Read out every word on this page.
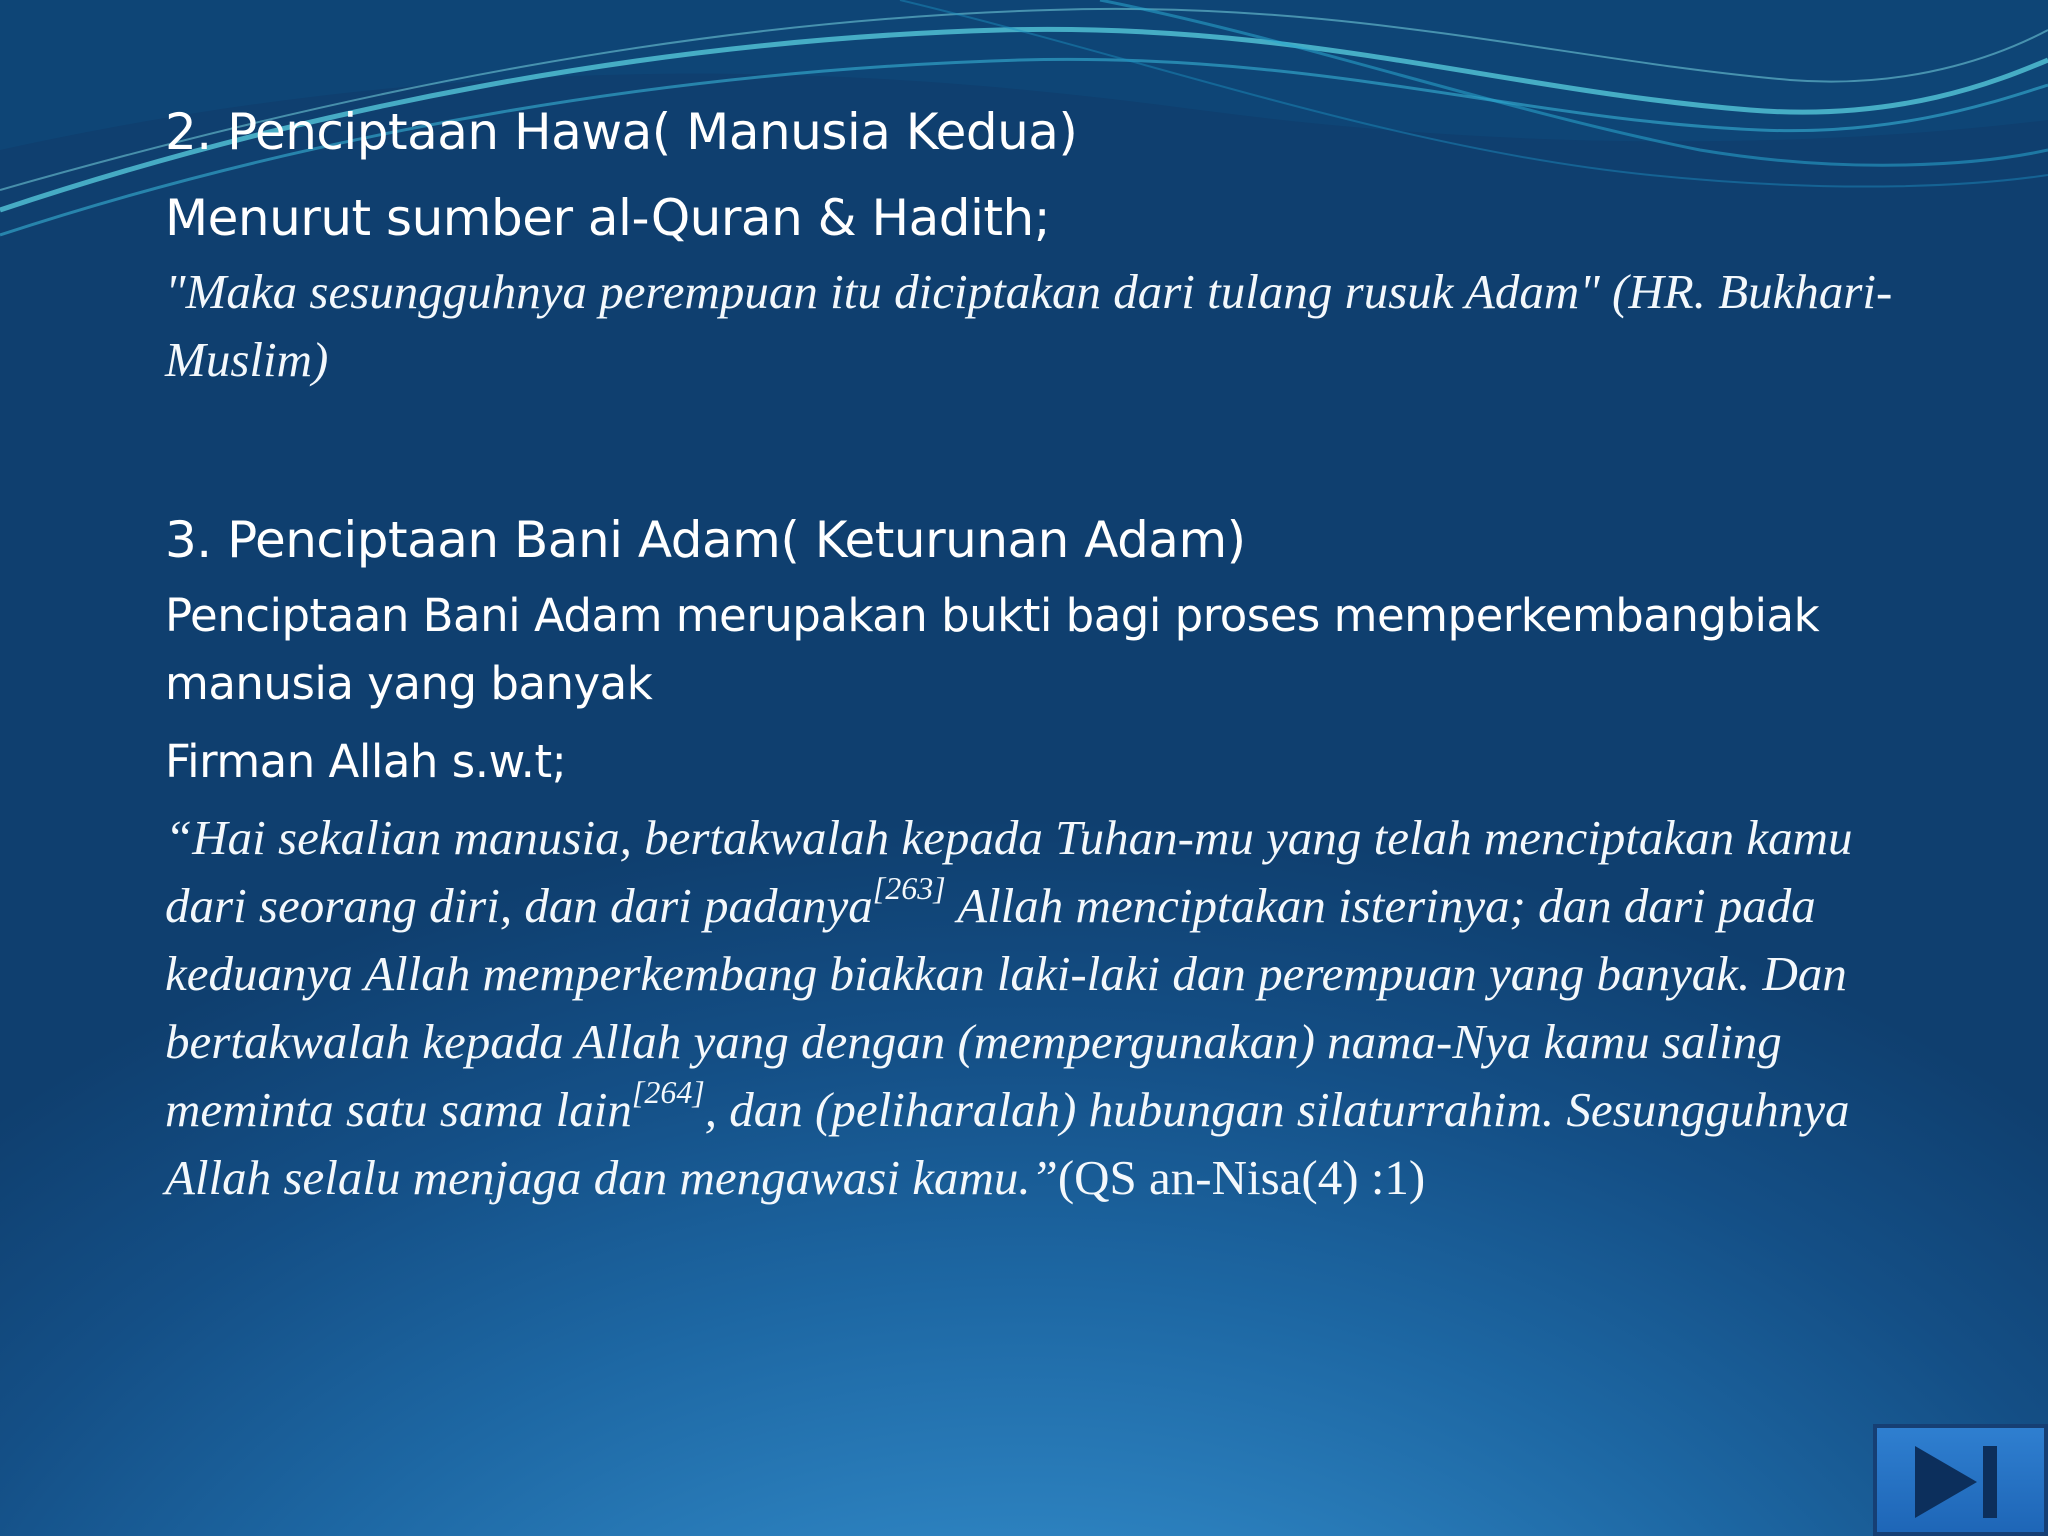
2. Penciptaan Hawa( Manusia Kedua)

Menurut sumber al-Quran & Hadith;

"Maka sesungguhnya perempuan itu diciptakan dari tulang rusuk Adam" (HR. Bukhari-Muslim)

3. Penciptaan Bani Adam( Keturunan Adam)

Penciptaan Bani Adam merupakan bukti bagi proses memperkembangbiak manusia yang banyak

Firman Allah s.w.t;

“Hai sekalian manusia, bertakwalah kepada Tuhan-mu yang telah menciptakan kamu dari seorang diri, dan dari padanya[263] Allah menciptakan isterinya; dan dari pada keduanya Allah memperkembang biakkan laki-laki dan perempuan yang banyak. Dan bertakwalah kepada Allah yang dengan (mempergunakan) nama-Nya kamu saling meminta satu sama lain[264], dan (peliharalah) hubungan silaturrahim. Sesungguhnya Allah selalu menjaga dan mengawasi kamu.”(QS an-Nisa(4) :1)
